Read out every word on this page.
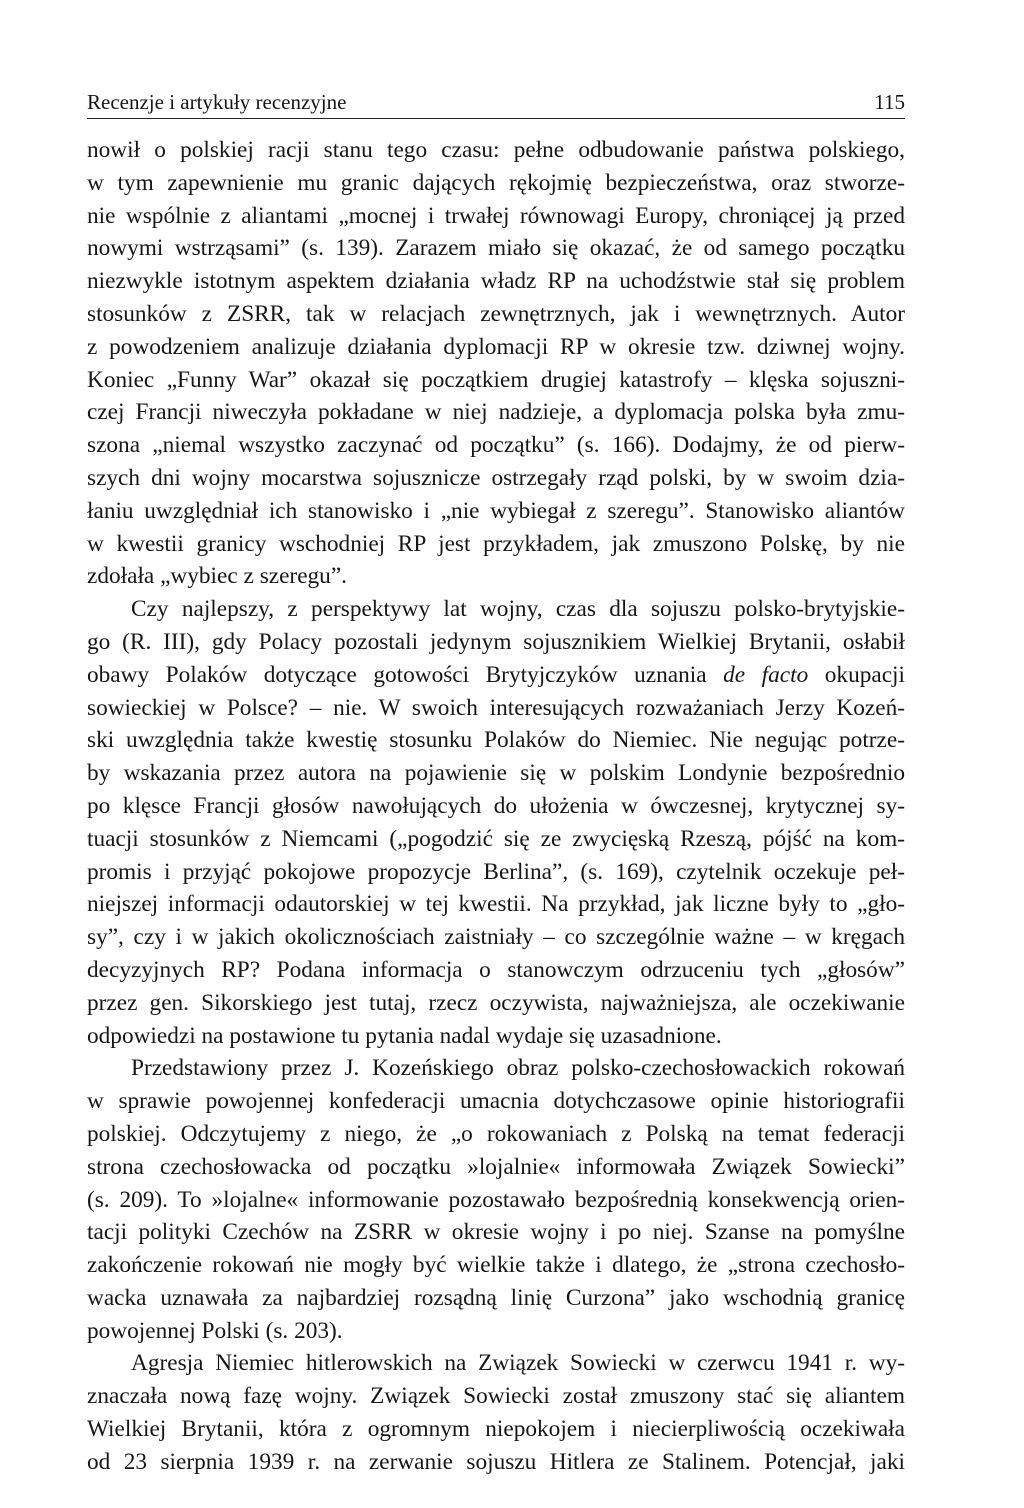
Recenzje i artykuły recenzyjne	115
nowił o polskiej racji stanu tego czasu: pełne odbudowanie państwa polskiego,
w tym zapewnienie mu granic dających rękojmię bezpieczeństwa, oraz stworze-
nie wspólnie z aliantami „mocnej i trwałej równowagi Europy, chroniącej ją przed
nowymi wstrząsami” (s. 139). Zarazem miało się okazać, że od samego początku
niezwykle istotnym aspektem działania władz RP na uchodźstwie stał się problem
stosunków z ZSRR, tak w relacjach zewnętrznych, jak i wewnętrznych. Autor
z powodzeniem analizuje działania dyplomacji RP w okresie tzw. dziwnej wojny.
Koniec „Funny War” okazał się początkiem drugiej katastrofy – klęska sojuszni-
czej Francji niweczyła pokładane w niej nadzieje, a dyplomacja polska była zmu-
szona „niemal wszystko zaczynać od początku” (s. 166). Dodajmy, że od pierw-
szych dni wojny mocarstwa sojusznicze ostrzegały rząd polski, by w swoim dzia-
łaniu uwzględniał ich stanowisko i „nie wybiegał z szeregu”. Stanowisko aliantów
w kwestii granicy wschodniej RP jest przykładem, jak zmuszono Polskę, by nie
zdołała „wybiec z szeregu”.
Czy najlepszy, z perspektywy lat wojny, czas dla sojuszu polsko-brytyjskie-
go (R. III), gdy Polacy pozostali jedynym sojusznikiem Wielkiej Brytanii, osłabił
obawy Polaków dotyczące gotowości Brytyjczyków uznania de facto okupacji
sowieckiej w Polsce? – nie. W swoich interesujących rozważaniach Jerzy Kozeń-
ski uwzględnia także kwestię stosunku Polaków do Niemiec. Nie negując potrze-
by wskazania przez autora na pojawienie się w polskim Londynie bezpośrednio
po klęsce Francji głosów nawołujących do ułożenia w ówczesnej, krytycznej sy-
tuacji stosunków z Niemcami („pogodzić się ze zwycięską Rzeszą, pójść na kom-
promis i przyjąć pokojowe propozycje Berlina”, (s. 169), czytelnik oczekuje peł-
niejszej informacji odautorskiej w tej kwestii. Na przykład, jak liczne były to „gło-
sy”, czy i w jakich okolicznościach zaistniały – co szczególnie ważne – w kręgach
decyzyjnych RP? Podana informacja o stanowczym odrzuceniu tych „głosów”
przez gen. Sikorskiego jest tutaj, rzecz oczywista, najważniejsza, ale oczekiwanie
odpowiedzi na postawione tu pytania nadal wydaje się uzasadnione.
Przedstawiony przez J. Kozeńskiego obraz polsko-czechosłowackich rokowań
w sprawie powojennej konfederacji umacnia dotychczasowe opinie historiografii
polskiej. Odczytujemy z niego, że „o rokowaniach z Polską na temat federacji
strona czechosłowacka od początku »lojalnie« informowała Związek Sowiecki”
(s. 209). To »lojalne« informowanie pozostawało bezpośrednią konsekwencją orien-
tacji polityki Czechów na ZSRR w okresie wojny i po niej. Szanse na pomyślne
zakończenie rokowań nie mogły być wielkie także i dlatego, że „strona czechosło-
wacka uznawała za najbardziej rozsądną linię Curzona” jako wschodnią granicę
powojennej Polski (s. 203).
Agresja Niemiec hitlerowskich na Związek Sowiecki w czerwcu 1941 r. wy-
znaczała nową fazę wojny. Związek Sowiecki został zmuszony stać się aliantem
Wielkiej Brytanii, która z ogromnym niepokojem i niecierpliwością oczekiwała
od 23 sierpnia 1939 r. na zerwanie sojuszu Hitlera ze Stalinem. Potencjał, jaki
